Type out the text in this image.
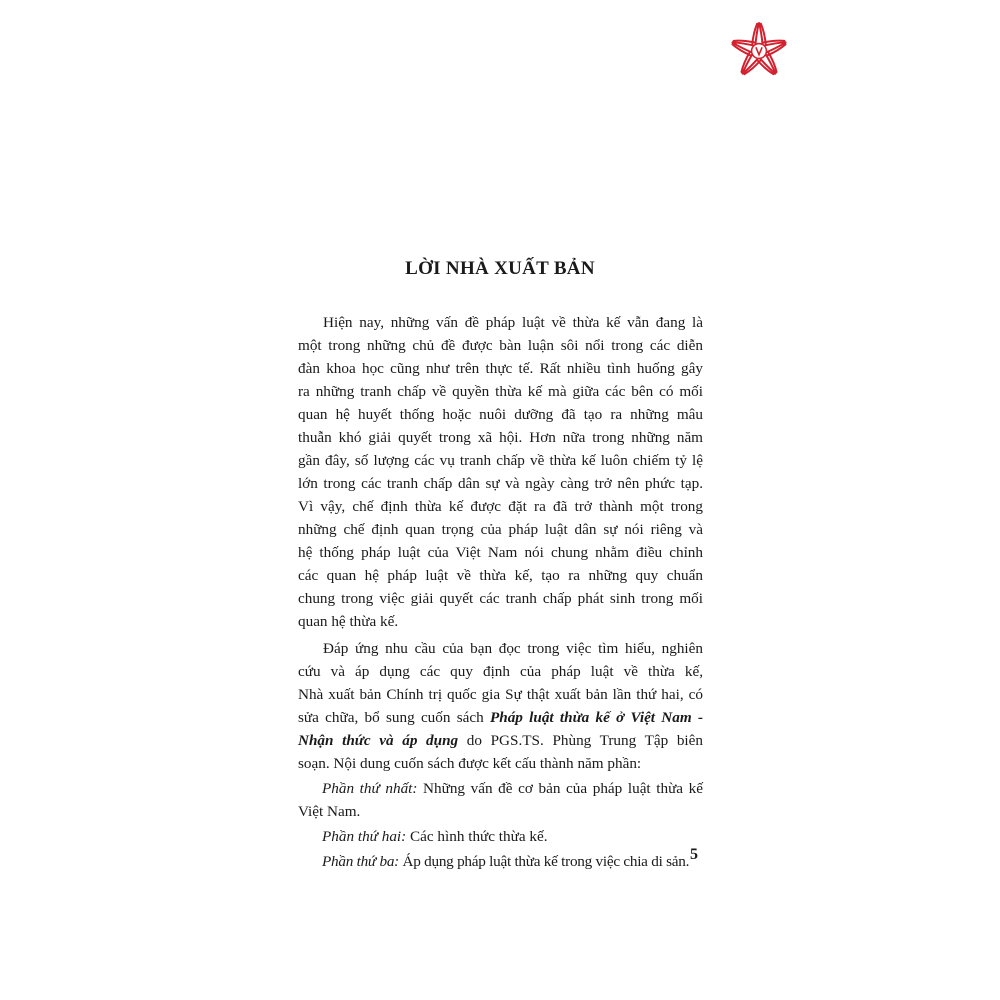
LỜI NHÀ XUẤT BẢN

Hiện nay, những vấn đề pháp luật về thừa kế vẫn đang là
một trong những chủ đề được bàn luận sôi nổi trong các diễn
đàn khoa học cũng như trên thực tế. Rất nhiều tình huống gây
ra những tranh chấp về quyền thừa kế mà giữa các bên có mối
quan hệ huyết thống hoặc nuôi dưỡng đã tạo ra những mâu
thuẫn khó giải quyết trong xã hội. Hơn nữa trong những năm
gần đây, số lượng các vụ tranh chấp về thừa kế luôn chiếm tỷ lệ
lớn trong các tranh chấp dân sự và ngày càng trở nên phức tạp.
Vì vậy, chế định thừa kế được đặt ra đã trở thành một trong
những chế định quan trọng của pháp luật dân sự nói riêng và
hệ thống pháp luật của Việt Nam nói chung nhằm điều chỉnh
các quan hệ pháp luật về thừa kế, tạo ra những quy chuẩn
chung trong việc giải quyết các tranh chấp phát sinh trong mối
quan hệ thừa kế.

Đáp ứng nhu cầu của bạn đọc trong việc tìm hiểu, nghiên
cứu và áp dụng các quy định của pháp luật về thừa kế,
Nhà xuất bản Chính trị quốc gia Sự thật xuất bản lần thứ hai, có
sửa chữa, bổ sung cuốn sách Pháp luật thừa kế ở Việt Nam -
Nhận thức và áp dụng do PGS.TS. Phùng Trung Tập biên
soạn. Nội dung cuốn sách được kết cấu thành năm phần:

Phần thứ nhất: Những vấn đề cơ bản của pháp luật thừa kế
Việt Nam.
Phần thứ hai: Các hình thức thừa kế.
Phần thứ ba: Áp dụng pháp luật thừa kế trong việc chia di sản. 5
